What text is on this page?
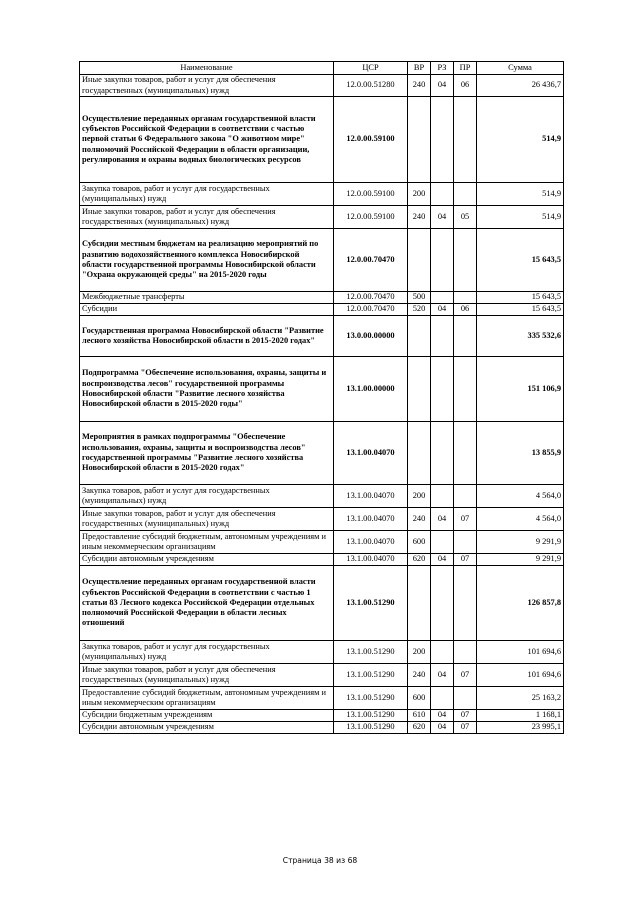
Наименование	ЦСР	ВР	РЗ	ПР	Сумма
Иные закупки товаров, работ и услуг для обеспечения государственных (муниципальных) нужд	12.0.00.51280	240	04	06	26 436,7
Осуществление переданных органам государственной власти субъектов Российской Федерации в соответствии с частью первой статьи 6 Федерального закона "О животном мире" полномочий Российской Федерации в области организации, регулирования и охраны водных биологических ресурсов	12.0.00.59100				514,9
Закупка товаров, работ и услуг для государственных (муниципальных) нужд	12.0.00.59100	200			514,9
Иные закупки товаров, работ и услуг для обеспечения государственных (муниципальных) нужд	12.0.00.59100	240	04	05	514,9
Субсидии местным бюджетам на реализацию мероприятий по развитию водохозяйственного комплекса Новосибирской области государственной программы Новосибирской области "Охрана окружающей среды" на 2015-2020 годы	12.0.00.70470				15 643,5
Межбюджетные трансферты	12.0.00.70470	500			15 643,5
Субсидии	12.0.00.70470	520	04	06	15 643,5
Государственная программа Новосибирской области "Развитие лесного хозяйства Новосибирской области в 2015-2020 годах"	13.0.00.00000				335 532,6
Подпрограмма "Обеспечение использования, охраны, защиты и воспроизводства лесов" государственной программы Новосибирской области "Развитие лесного хозяйства Новосибирской области в 2015-2020 годы"	13.1.00.00000				151 106,9
Мероприятия в рамках подпрограммы "Обеспечение использования, охраны, защиты и воспроизводства лесов" государственной программы "Развитие лесного хозяйства Новосибирской области в 2015-2020 годах"	13.1.00.04070				13 855,9
Закупка товаров, работ и услуг для государственных (муниципальных) нужд	13.1.00.04070	200			4 564,0
Иные закупки товаров, работ и услуг для обеспечения государственных (муниципальных) нужд	13.1.00.04070	240	04	07	4 564,0
Предоставление субсидий бюджетным, автономным учреждениям и иным некоммерческим организациям	13.1.00.04070	600			9 291,9
Субсидии автономным учреждениям	13.1.00.04070	620	04	07	9 291,9
Осуществление переданных органам государственной власти субъектов Российской Федерации в соответствии с частью 1 статьи 83 Лесного кодекса Российской Федерации отдельных полномочий Российской Федерации в области лесных отношений	13.1.00.51290				126 857,8
Закупка товаров, работ и услуг для государственных (муниципальных) нужд	13.1.00.51290	200			101 694,6
Иные закупки товаров, работ и услуг для обеспечения государственных (муниципальных) нужд	13.1.00.51290	240	04	07	101 694,6
Предоставление субсидий бюджетным, автономным учреждениям и иным некоммерческим организациям	13.1.00.51290	600			25 163,2
Субсидии бюджетным учреждениям	13.1.00.51290	610	04	07	1 168,1
Субсидии автономным учреждениям	13.1.00.51290	620	04	07	23 995,1
Страница 38 из 68
